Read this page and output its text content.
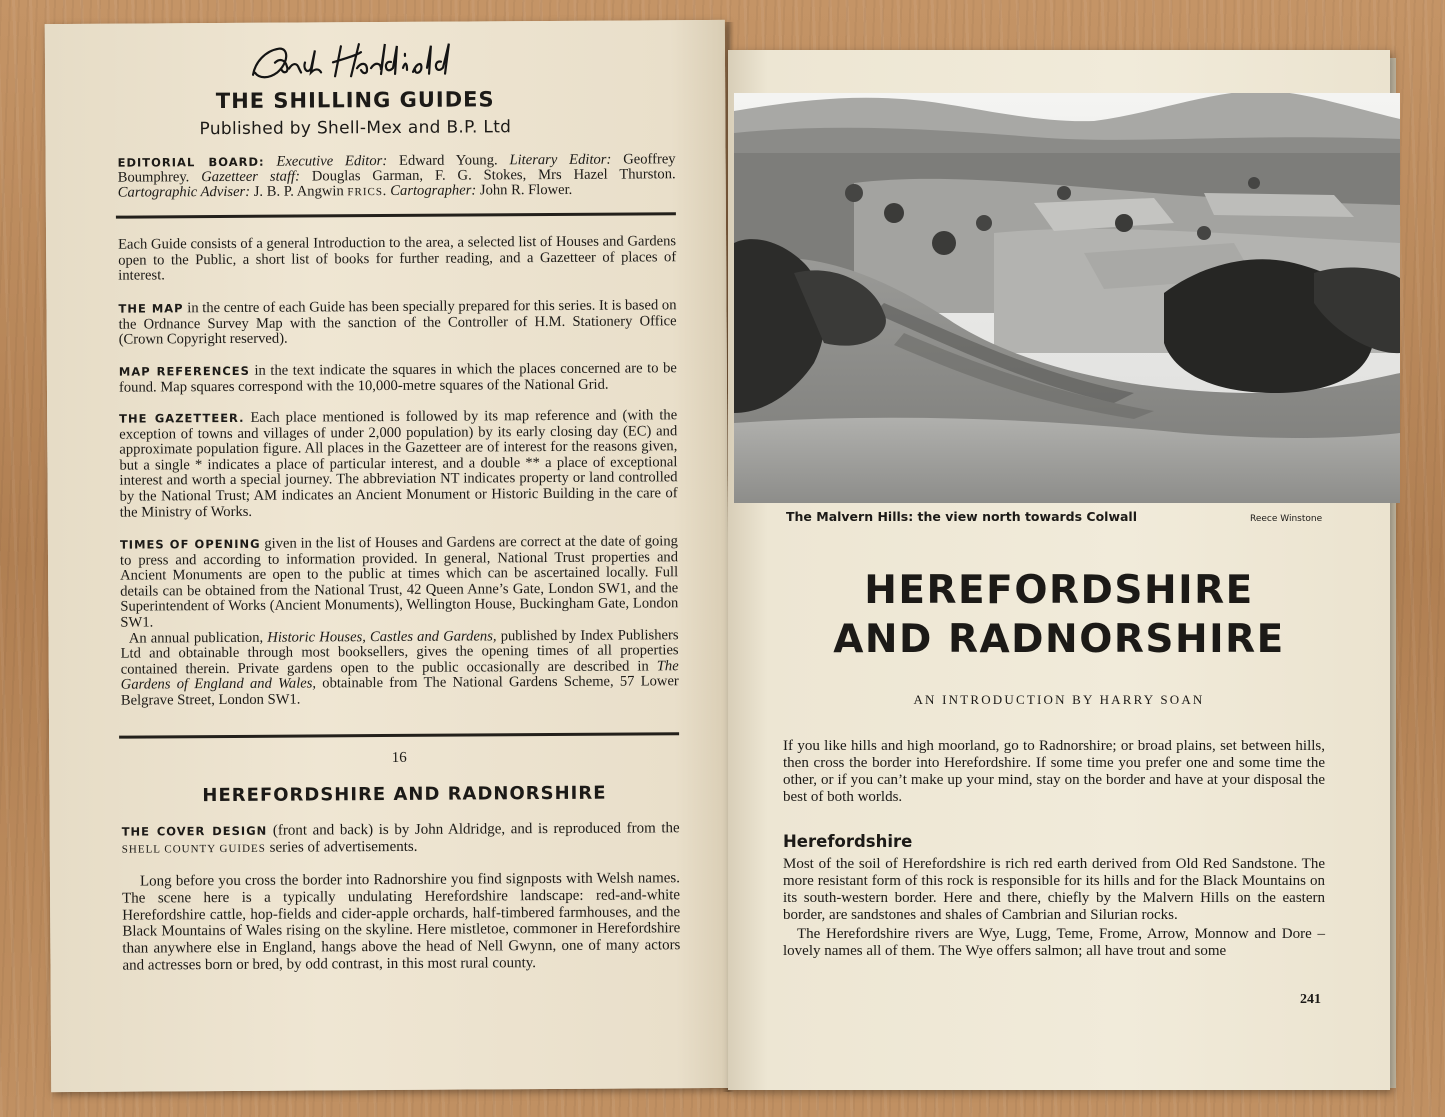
THE SHILLING GUIDES
Published by Shell-Mex and B.P. Ltd
EDITORIAL BOARD: Executive Editor: Edward Young. Literary Editor: Geoffrey Boumphrey. Gazetteer staff: Douglas Garman, F. G. Stokes, Mrs Hazel Thurston. Cartographic Adviser: J. B. P. Angwin FRICS. Cartographer: John R. Flower.
Each Guide consists of a general Introduction to the area, a selected list of Houses and Gardens open to the Public, a short list of books for further reading, and a Gazetteer of places of interest.
THE MAP in the centre of each Guide has been specially prepared for this series. It is based on the Ordnance Survey Map with the sanction of the Controller of H.M. Stationery Office (Crown Copyright reserved).
MAP REFERENCES in the text indicate the squares in which the places concerned are to be found. Map squares correspond with the 10,000-metre squares of the National Grid.
THE GAZETTEER. Each place mentioned is followed by its map reference and (with the exception of towns and villages of under 2,000 population) by its early closing day (EC) and approximate population figure. All places in the Gazetteer are of interest for the reasons given, but a single * indicates a place of particular interest, and a double ** a place of exceptional interest and worth a special journey. The abbreviation NT indicates property or land controlled by the National Trust; AM indicates an Ancient Monument or Historic Building in the care of the Ministry of Works.
TIMES OF OPENING given in the list of Houses and Gardens are correct at the date of going to press and according to information provided. In general, National Trust properties and Ancient Monuments are open to the public at times which can be ascertained locally. Full details can be obtained from the National Trust, 42 Queen Anne’s Gate, London SW1, and the Superintendent of Works (Ancient Monuments), Wellington House, Buckingham Gate, London SW1.
An annual publication, Historic Houses, Castles and Gardens, published by Index Publishers Ltd and obtainable through most booksellers, gives the opening times of all properties contained therein. Private gardens open to the public occasionally are described in The Gardens of England and Wales, obtainable from The National Gardens Scheme, 57 Lower Belgrave Street, London SW1.
16
HEREFORDSHIRE AND RADNORSHIRE
THE COVER DESIGN (front and back) is by John Aldridge, and is reproduced from the SHELL COUNTY GUIDES series of advertisements.
Long before you cross the border into Radnorshire you find signposts with Welsh names. The scene here is a typically undulating Herefordshire landscape: red-and-white Herefordshire cattle, hop-fields and cider-apple orchards, half-timbered farmhouses, and the Black Mountains of Wales rising on the skyline. Here mistletoe, commoner in Herefordshire than anywhere else in England, hangs above the head of Nell Gwynn, one of many actors and actresses born or bred, by odd contrast, in this most rural county.
The Malvern Hills: the view north towards Colwall	Reece Winstone
HEREFORDSHIRE
AND RADNORSHIRE
AN INTRODUCTION BY HARRY SOAN
If you like hills and high moorland, go to Radnorshire; or broad plains, set between hills, then cross the border into Herefordshire. If some time you prefer one and some time the other, or if you can’t make up your mind, stay on the border and have at your disposal the best of both worlds.
Herefordshire
Most of the soil of Herefordshire is rich red earth derived from Old Red Sandstone. The more resistant form of this rock is responsible for its hills and for the Black Mountains on its south-western border. Here and there, chiefly by the Malvern Hills on the eastern border, are sandstones and shales of Cambrian and Silurian rocks.
The Herefordshire rivers are Wye, Lugg, Teme, Frome, Arrow, Monnow and Dore – lovely names all of them. The Wye offers salmon; all have trout and some
241
